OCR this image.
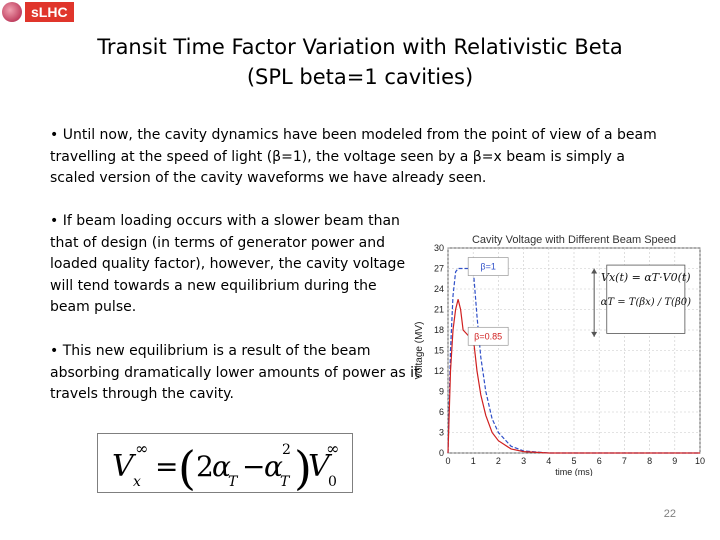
sLHC
Transit Time Factor Variation with Relativistic Beta
(SPL beta=1 cavities)
• Until now, the cavity dynamics have been modeled from the point of view of a beam travelling at the speed of light (β=1), the voltage seen by a β=x beam is simply a scaled version of the cavity waveforms we have already seen.
• If beam loading occurs with a slower beam than that of design (in terms of generator power and loaded quality factor), however, the cavity voltage will tend towards a new equilibrium during the beam pulse.
• This new equilibrium is a result of the beam absorbing dramatically lower amounts of power as it travels through the cavity.
V x
∞
= ( 2
α
T −
α 2
T )
V
0
∞
0 1 2 3 4 5 6 7 8 9 10
0
3
6
9
12
15
18
21
24
27
30
time (ms)
Voltage (MV)
Cavity Voltage with Different Beam Speed
β=1
β=0.85
Vx(t) = αT·V0(t)
αT = T(βx) / T(β0)
22
